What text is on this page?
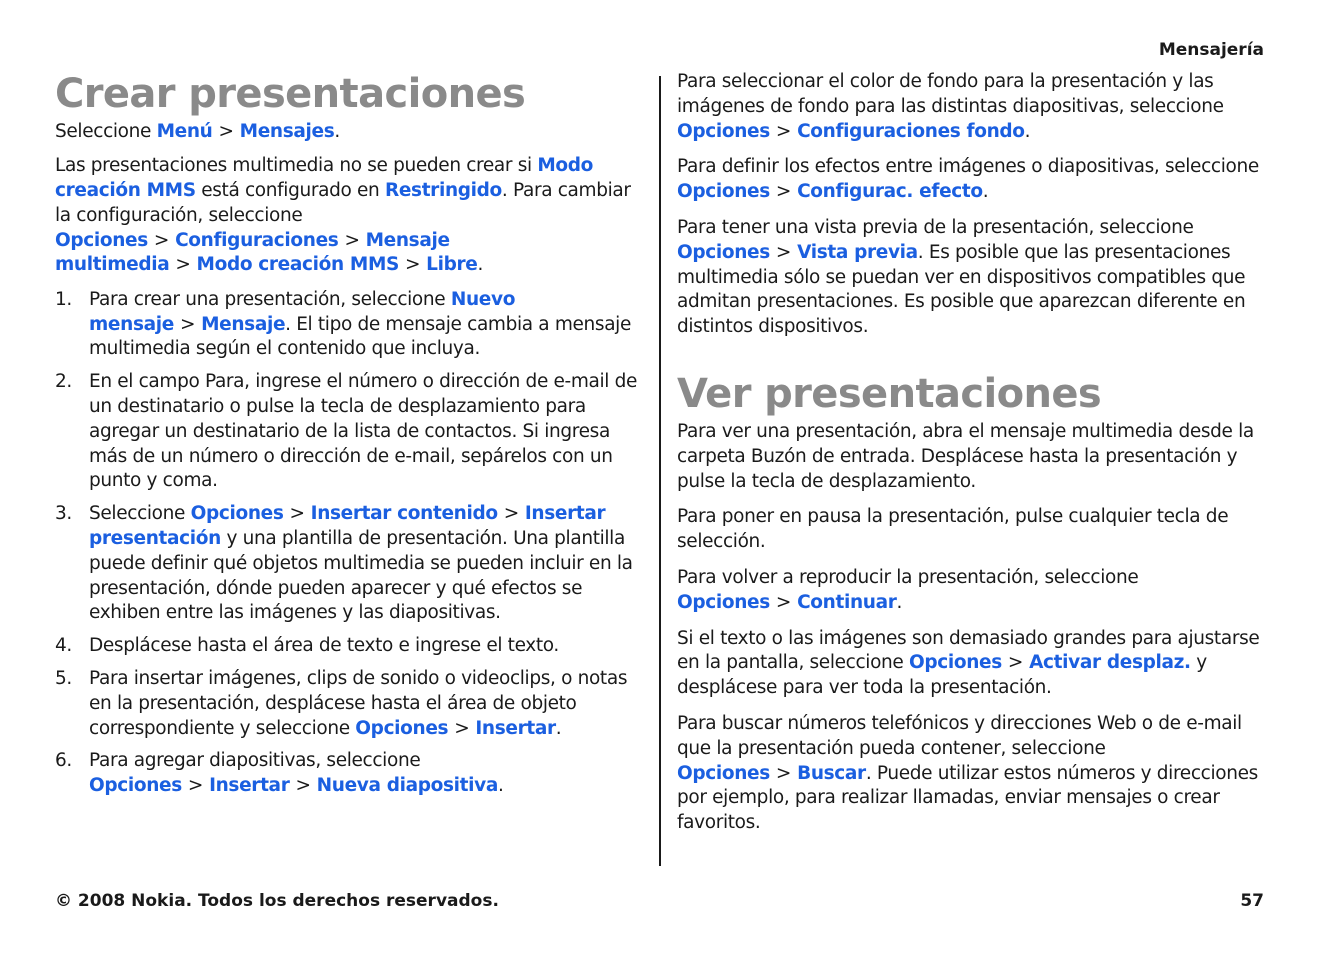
Mensajería
Crear presentaciones

Seleccione Menú > Mensajes.

Las presentaciones multimedia no se pueden crear si Modo creación MMS está configurado en Restringido. Para cambiar la configuración, seleccione Opciones > Configuraciones > Mensaje multimedia > Modo creación MMS > Libre.

1. Para crear una presentación, seleccione Nuevo mensaje > Mensaje. El tipo de mensaje cambia a mensaje multimedia según el contenido que incluya.
2. En el campo Para, ingrese el número o dirección de e-mail de un destinatario o pulse la tecla de desplazamiento para agregar un destinatario de la lista de contactos. Si ingresa más de un número o dirección de e-mail, sepárelos con un punto y coma.
3. Seleccione Opciones > Insertar contenido > Insertar presentación y una plantilla de presentación. Una plantilla puede definir qué objetos multimedia se pueden incluir en la presentación, dónde pueden aparecer y qué efectos se exhiben entre las imágenes y las diapositivas.
4. Desplácese hasta el área de texto e ingrese el texto.
5. Para insertar imágenes, clips de sonido o videoclips, o notas en la presentación, desplácese hasta el área de objeto correspondiente y seleccione Opciones > Insertar.
6. Para agregar diapositivas, seleccione Opciones > Insertar > Nueva diapositiva.

Para seleccionar el color de fondo para la presentación y las imágenes de fondo para las distintas diapositivas, seleccione Opciones > Configuraciones fondo.

Para definir los efectos entre imágenes o diapositivas, seleccione Opciones > Configurac. efecto.

Para tener una vista previa de la presentación, seleccione Opciones > Vista previa. Es posible que las presentaciones multimedia sólo se puedan ver en dispositivos compatibles que admitan presentaciones. Es posible que aparezcan diferente en distintos dispositivos.

Ver presentaciones

Para ver una presentación, abra el mensaje multimedia desde la carpeta Buzón de entrada. Desplácese hasta la presentación y pulse la tecla de desplazamiento.

Para poner en pausa la presentación, pulse cualquier tecla de selección.

Para volver a reproducir la presentación, seleccione Opciones > Continuar.

Si el texto o las imágenes son demasiado grandes para ajustarse en la pantalla, seleccione Opciones > Activar desplaz. y desplácese para ver toda la presentación.

Para buscar números telefónicos y direcciones Web o de e-mail que la presentación pueda contener, seleccione Opciones > Buscar. Puede utilizar estos números y direcciones por ejemplo, para realizar llamadas, enviar mensajes o crear favoritos.

© 2008 Nokia. Todos los derechos reservados.	57
